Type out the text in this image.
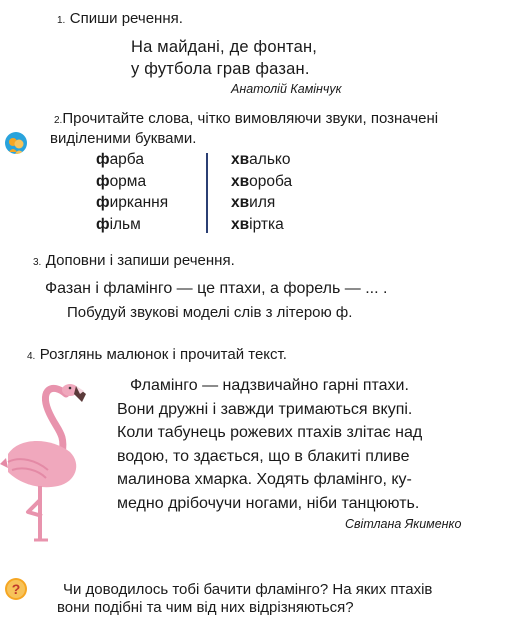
1. Спиши речення.
На майдані, де фонтан,
у футбола грав фазан.
Анатолій Камінчук
2.Прочитайте слова, чітко вимовляючи звуки, позначені
виділеними буквами.
фарба
форма
фиркання
фільм
хвалько
хвороба
хвиля
хвіртка
3. Доповни і запиши речення.
Фазан і фламінго — це птахи, а форель — ... .
Побудуй звукові моделі слів з літерою ф.
4. Розглянь малюнок і прочитай текст.
Фламінго — надзвичайно гарні птахи.
Вони дружні і завжди тримаються вкупі.
Коли табунець рожевих птахів злітає над
водою, то здається, що в блакиті пливе
малинова хмарка. Ходять фламінго, ку-
медно дрібочучи ногами, ніби танцюють.
Світлана Якименко
?	Чи доводилось тобі бачити фламінго? На яких птахів
вони подібні та чим від них відрізняються?
